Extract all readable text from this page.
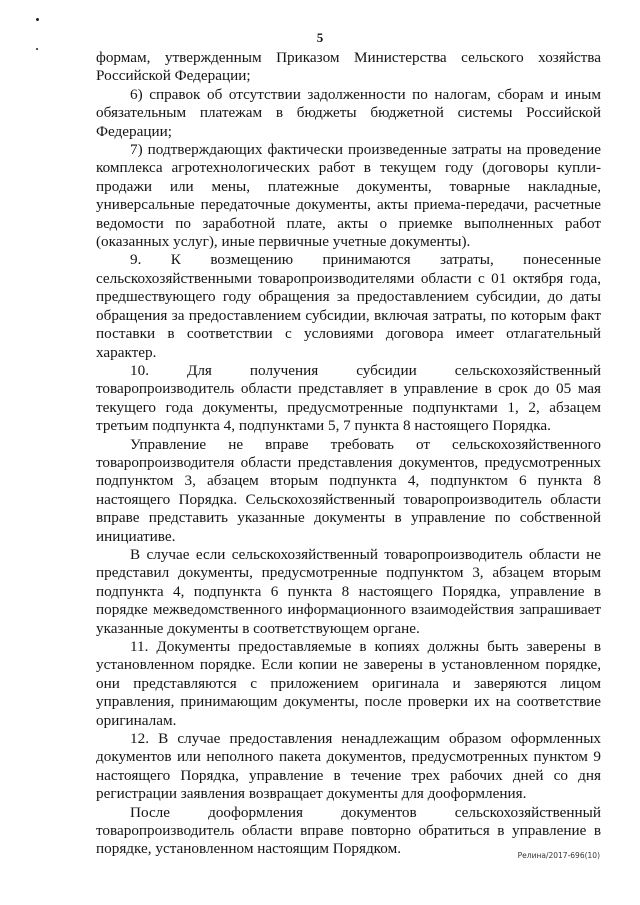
5

формам, утвержденным Приказом Министерства сельского хозяйства Российской Федерации;

6) справок об отсутствии задолженности по налогам, сборам и иным обязательным платежам в бюджеты бюджетной системы Российской Федерации;

7) подтверждающих фактически произведенные затраты на проведение комплекса агротехнологических работ в текущем году (договоры купли-продажи или мены, платежные документы, товарные накладные, универсальные передаточные документы, акты приема-передачи, расчетные ведомости по заработной плате, акты о приемке выполненных работ (оказанных услуг), иные первичные учетные документы).

9. К возмещению принимаются затраты, понесенные сельскохозяйственными товаропроизводителями области с 01 октября года, предшествующего году обращения за предоставлением субсидии, до даты обращения за предоставлением субсидии, включая затраты, по которым факт поставки в соответствии с условиями договора имеет отлагательный характер.

10. Для получения субсидии сельскохозяйственный товаропроизводитель области представляет в управление в срок до 05 мая текущего года документы, предусмотренные подпунктами 1, 2, абзацем третьим подпункта 4, подпунктами 5, 7 пункта 8 настоящего Порядка.

Управление не вправе требовать от сельскохозяйственного товаропроизводителя области представления документов, предусмотренных подпунктом 3, абзацем вторым подпункта 4, подпунктом 6 пункта 8 настоящего Порядка. Сельскохозяйственный товаропроизводитель области вправе представить указанные документы в управление по собственной инициативе.

В случае если сельскохозяйственный товаропроизводитель области не представил документы, предусмотренные подпунктом 3, абзацем вторым подпункта 4, подпункта 6 пункта 8 настоящего Порядка, управление в порядке межведомственного информационного взаимодействия запрашивает указанные документы в соответствующем органе.

11. Документы предоставляемые в копиях должны быть заверены в установленном порядке. Если копии не заверены в установленном порядке, они представляются с приложением оригинала и заверяются лицом управления, принимающим документы, после проверки их на соответствие оригиналам.

12. В случае предоставления ненадлежащим образом оформленных документов или неполного пакета документов, предусмотренных пунктом 9 настоящего Порядка, управление в течение трех рабочих дней со дня регистрации заявления возвращает документы для дооформления.

После дооформления документов сельскохозяйственный товаропроизводитель области вправе повторно обратиться в управление в порядке, установленном настоящим Порядком.	Релина/2017-696(10)
